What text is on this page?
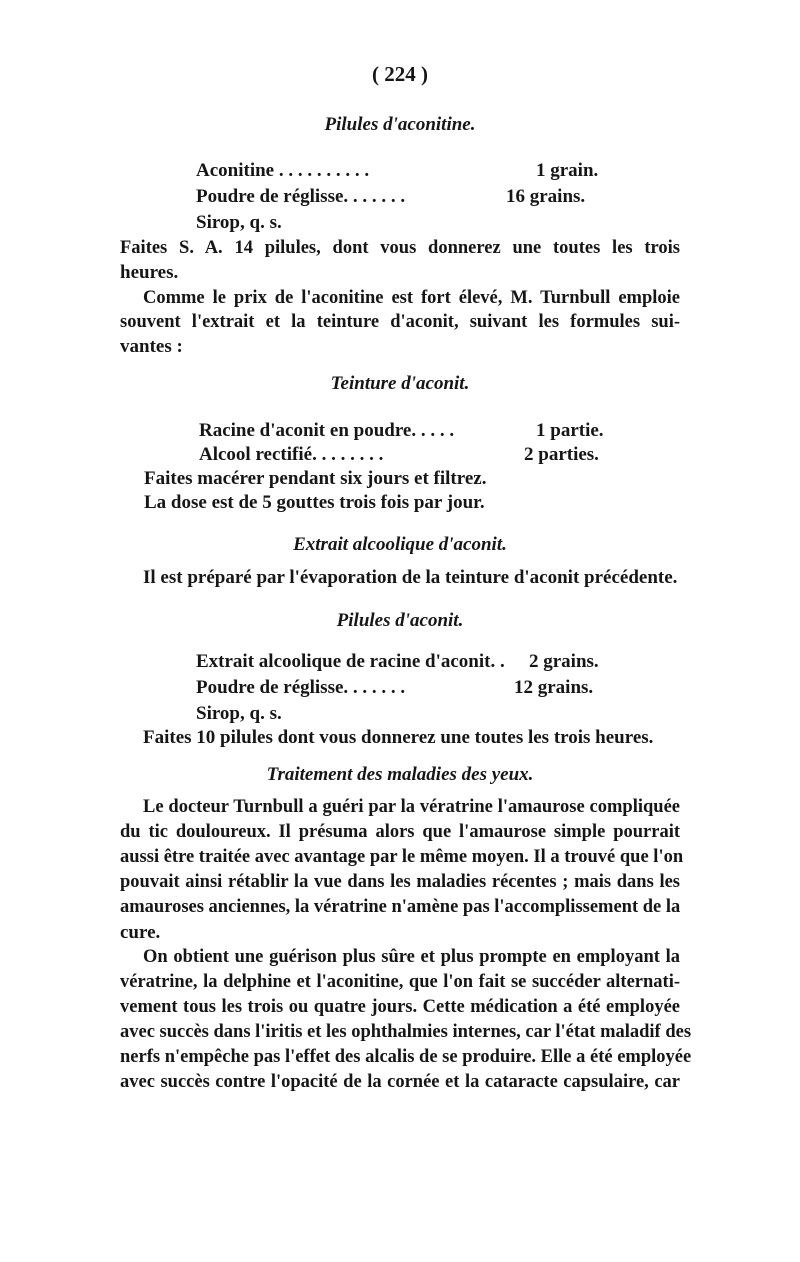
( 224 )
Pilules d'aconitine.
Aconitine . . . . . . . . . .	1 grain.
Poudre de réglisse. . . . . . .	16 grains.
Sirop, q. s.
Faites S. A. 14 pilules, dont vous donnerez une toutes les trois
heures.
Comme le prix de l'aconitine est fort élevé, M. Turnbull emploie
souvent l'extrait et la teinture d'aconit, suivant les formules sui-
vantes :
Teinture d'aconit.
Racine d'aconit en poudre. . . . .	1 partie.
Alcool rectifié. . . . . . . .	2 parties.
Faites macérer pendant six jours et filtrez.
La dose est de 5 gouttes trois fois par jour.
Extrait alcoolique d'aconit.
Il est préparé par l'évaporation de la teinture d'aconit précédente.
Pilules d'aconit.
Extrait alcoolique de racine d'aconit. . 2 grains.
Poudre de réglisse. . . . . . .	12 grains.
Sirop, q. s.
Faites 10 pilules dont vous donnerez une toutes les trois heures.
Traitement des maladies des yeux.
Le docteur Turnbull a guéri par la vératrine l'amaurose compliquée
du tic douloureux. Il présuma alors que l'amaurose simple pourrait
aussi être traitée avec avantage par le même moyen. Il a trouvé que l'on
pouvait ainsi rétablir la vue dans les maladies récentes ; mais dans les
amauroses anciennes, la vératrine n'amène pas l'accomplissement de la
cure.
On obtient une guérison plus sûre et plus prompte en employant la
vératrine, la delphine et l'aconitine, que l'on fait se succéder alternati-
vement tous les trois ou quatre jours. Cette médication a été employée
avec succès dans l'iritis et les ophthalmies internes, car l'état maladif des
nerfs n'empêche pas l'effet des alcalis de se produire. Elle a été employée
avec succès contre l'opacité de la cornée et la cataracte capsulaire, car
